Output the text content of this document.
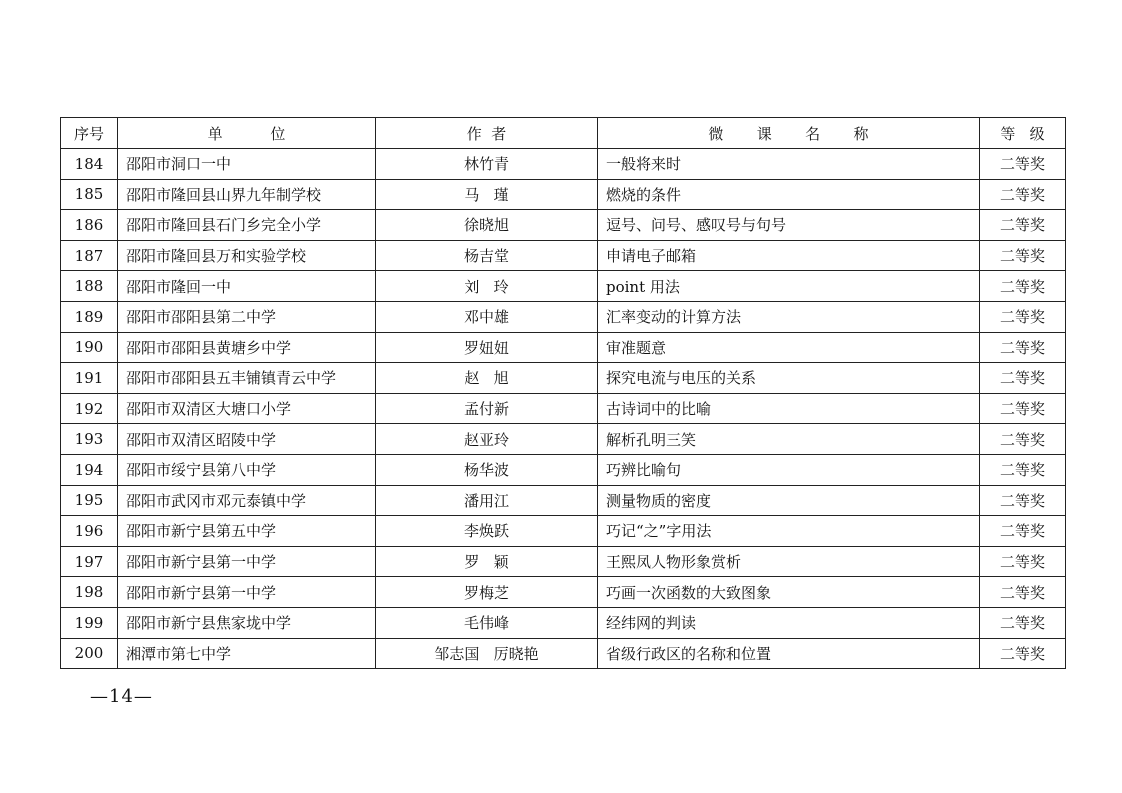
序号	单          位	作  者	微       课       名       称	等   级
184	邵阳市洞口一中	林竹青	一般将来时	二等奖
185	邵阳市隆回县山界九年制学校	马   瑾	燃烧的条件	二等奖
186	邵阳市隆回县石门乡完全小学	徐晓旭	逗号、问号、感叹号与句号	二等奖
187	邵阳市隆回县万和实验学校	杨吉堂	申请电子邮箱	二等奖
188	邵阳市隆回一中	刘   玲	point 用法	二等奖
189	邵阳市邵阳县第二中学	邓中雄	汇率变动的计算方法	二等奖
190	邵阳市邵阳县黄塘乡中学	罗妞妞	审准题意	二等奖
191	邵阳市邵阳县五丰铺镇青云中学	赵   旭	探究电流与电压的关系	二等奖
192	邵阳市双清区大塘口小学	孟付新	古诗词中的比喻	二等奖
193	邵阳市双清区昭陵中学	赵亚玲	解析孔明三笑	二等奖
194	邵阳市绥宁县第八中学	杨华波	巧辨比喻句	二等奖
195	邵阳市武冈市邓元泰镇中学	潘用江	测量物质的密度	二等奖
196	邵阳市新宁县第五中学	李焕跃	巧记“之”字用法	二等奖
197	邵阳市新宁县第一中学	罗   颖	王熙凤人物形象赏析	二等奖
198	邵阳市新宁县第一中学	罗梅芝	巧画一次函数的大致图象	二等奖
199	邵阳市新宁县焦家垅中学	毛伟峰	经纬网的判读	二等奖
200	湘潭市第七中学	邹志国   厉晓艳	省级行政区的名称和位置	二等奖
—14—
